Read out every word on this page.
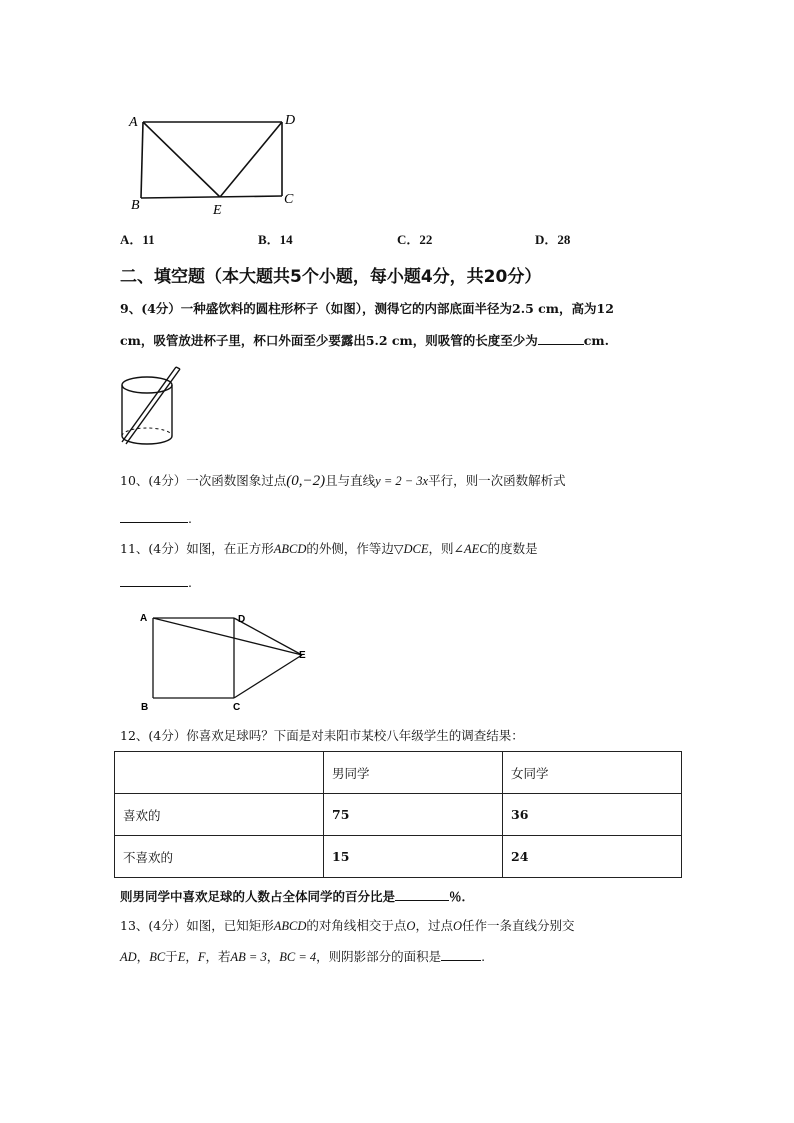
A	D
B	E
C
A．11	B．14	C．22	D．28
二、填空题（本大题共5个小题，每小题4分，共20分）
9、(4分）一种盛饮料的圆柱形杯子（如图），测得它的内部底面半径为2.5 cm，高为12
cm，吸管放进杯子里，杯口外面至少要露出5.2 cm，则吸管的长度至少为	cm.
10、(4分）一次函数图象过点(0,−2)且与直线y = 2 − 3x平行，则一次函数解析式
.
11、(4分）如图，在正方形ABCD的外侧，作等边▽DCE，则∠AEC的度数是
.
A	D
E
B	C
12、(4分）你喜欢足球吗？下面是对耒阳市某校八年级学生的调查结果：
	男同学	女同学
喜欢的	75	36
不喜欢的	15	24
则男同学中喜欢足球的人数占全体同学的百分比是	％．
13、(4分）如图，已知矩形ABCD的对角线相交于点O，过点O任作一条直线分别交
AD，BC于E，F，若AB = 3，BC = 4，则阴影部分的面积是	.
